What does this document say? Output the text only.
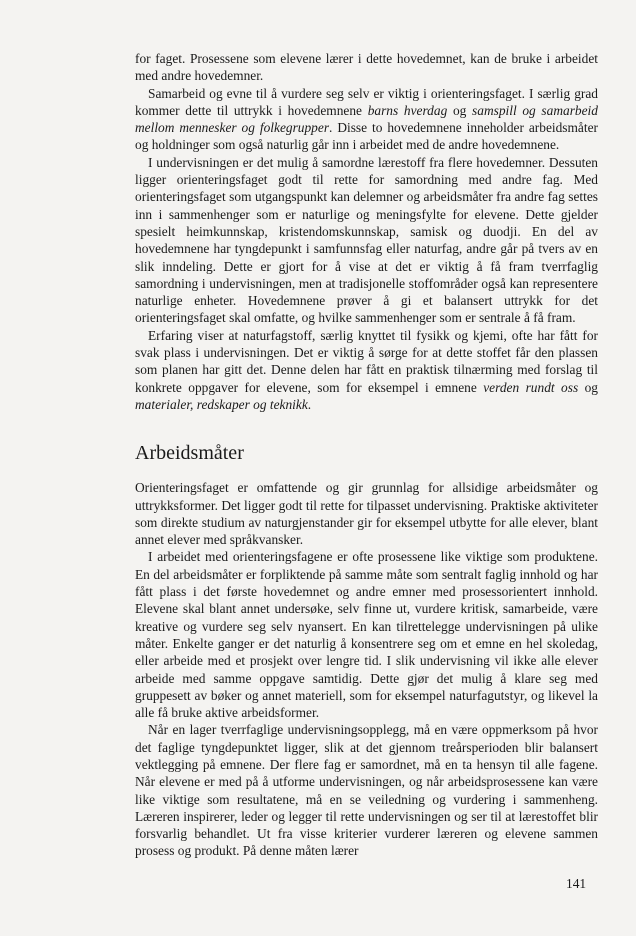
for faget. Prosessene som elevene lærer i dette hovedemnet, kan de bruke i arbeidet med andre hovedemner.

Samarbeid og evne til å vurdere seg selv er viktig i orienteringsfaget. I særlig grad kommer dette til uttrykk i hovedemnene barns hverdag og samspill og samarbeid mellom mennesker og folkegrupper. Disse to hovedemnene inneholder arbeidsmåter og holdninger som også naturlig går inn i arbeidet med de andre hovedemnene.

I undervisningen er det mulig å samordne lærestoff fra flere hovedemner. Dessuten ligger orienteringsfaget godt til rette for samordning med andre fag. Med orienteringsfaget som utgangspunkt kan delemner og arbeidsmåter fra andre fag settes inn i sammenhenger som er naturlige og meningsfylte for elevene. Dette gjelder spesielt heimkunnskap, kristendomskunnskap, samisk og duodji. En del av hovedemnene har tyngdepunkt i samfunnsfag eller naturfag, andre går på tvers av en slik inndeling. Dette er gjort for å vise at det er viktig å få fram tverrfaglig samordning i undervisningen, men at tradisjonelle stoffområder også kan representere naturlige enheter. Hovedemnene prøver å gi et balansert uttrykk for det orienteringsfaget skal omfatte, og hvilke sammenhenger som er sentrale å få fram.

Erfaring viser at naturfagstoff, særlig knyttet til fysikk og kjemi, ofte har fått for svak plass i undervisningen. Det er viktig å sørge for at dette stoffet får den plassen som planen har gitt det. Denne delen har fått en praktisk tilnærming med forslag til konkrete oppgaver for elevene, som for eksempel i emnene verden rundt oss og materialer, redskaper og teknikk.

Arbeidsmåter

Orienteringsfaget er omfattende og gir grunnlag for allsidige arbeidsmåter og uttrykksformer. Det ligger godt til rette for tilpasset undervisning. Praktiske aktiviteter som direkte studium av naturgjenstander gir for eksempel utbytte for alle elever, blant annet elever med språkvansker.

I arbeidet med orienteringsfagene er ofte prosessene like viktige som produktene. En del arbeidsmåter er forpliktende på samme måte som sentralt faglig innhold og har fått plass i det første hovedemnet og andre emner med prosessorientert innhold. Elevene skal blant annet undersøke, selv finne ut, vurdere kritisk, samarbeide, være kreative og vurdere seg selv nyansert. En kan tilrettelegge undervisningen på ulike måter. Enkelte ganger er det naturlig å konsentrere seg om et emne en hel skoledag, eller arbeide med et prosjekt over lengre tid. I slik undervisning vil ikke alle elever arbeide med samme oppgave samtidig. Dette gjør det mulig å klare seg med gruppesett av bøker og annet materiell, som for eksempel naturfagutstyr, og likevel la alle få bruke aktive arbeidsformer.

Når en lager tverrfaglige undervisningsopplegg, må en være oppmerksom på hvor det faglige tyngdepunktet ligger, slik at det gjennom treårsperioden blir balansert vektlegging på emnene. Der flere fag er samordnet, må en ta hensyn til alle fagene. Når elevene er med på å utforme undervisningen, og når arbeidsprosessene kan være like viktige som resultatene, må en se veiledning og vurdering i sammenheng. Læreren inspirerer, leder og legger til rette undervisningen og ser til at lærestoffet blir forsvarlig behandlet. Ut fra visse kriterier vurderer læreren og elevene sammen prosess og produkt. På denne måten lærer

141
